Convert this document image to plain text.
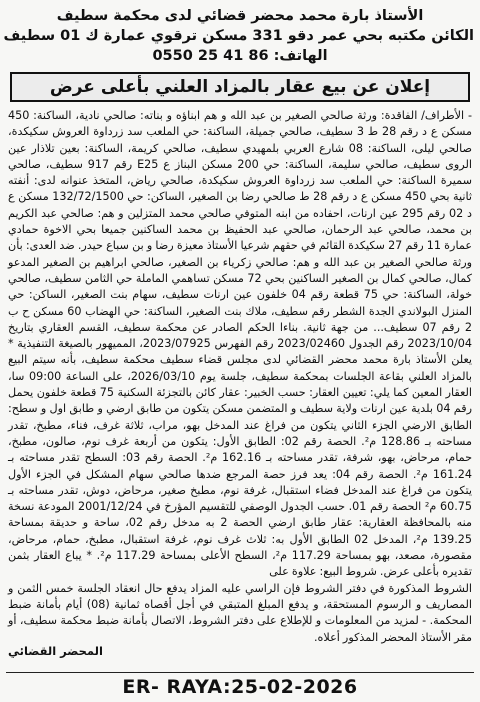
الأستاذ بارة محمد محضر قضائي لدى محكمة سطيف
الكائن مكتبه بحي عمر دقو 331 مسكن ترقوي عمارة ك 01 سطيف
الهاتف: 86 41 25 0550
إعلان عن بيع عقار بالمزاد العلني بأعلى عرض

- الأطراف/ الفاقدة: ورثة صالحي الصغير بن عبد الله و هم ابناؤه و بناته: صالحي نادية، الساكنة: 450 مسكن ع د رقم 28 ط 3 سطيف، صالحي جميلة، الساكنة: حي الملعب سد زرداوة العروش سكيكدة، صالحي ليلى، الساكنة: 08 شارع العربي بلمهيدي سطيف، صالحي كريمة، الساكنة: بعين تلاذار عين الروى سطيف، صالحي سليمة، الساكنة: حي 200 مسكن البناز ع E25 رقم 917 سطيف، صالحي سميرة الساكنة: حي الملعب سد زرداوة العروش سكيكدة، صالحي رياض، المتخذ عنوانه لدى: أنفته ثانية بحي 450 مسكن ع د رقم 28 ط صالحي رضا بن الصغير، الساكن: حي 132/72/1500 مسكن ع د 02 رقم 295 عين ارنات، احفاده من ابنه المتوفي صالحي محمد المتزلين و هم: صالحي عبد الكريم بن محمد، صالحي عبد الرحمان، صالحي عبد الحفيظ بن محمد الساكنين جميعا بحي الاخوة حمادي عمارة 11 رقم 27 سكيكدة القائم في حقهم شرعيا الأستاذ معيزة رضا و بن سباع حيدر. ضد العدى: بأن ورثة صالحي الصغير بن عبد الله و هم: صالحي زكرياء بن الصغير، صالحي ابراهيم بن الصغير المدعو كمال، صالحي كمال بن الصغير الساكنين بحي 72 مسكن تساهمي الماملة حي الثامن سطيف، صالحي خولة، الساكنة: حي 75 قطعة رقم 04 خلفون عين ارنات سطيف، سهام بنت الصغير، الساكن: حي المنزل البولاندي الجدة الشطر رقم سطيف، ملاك بنت الصغير، الساكنة: حي الهضاب 60 مسكن ح ب 2 رقم 07 سطيف... من جهة ثانية. بناءا الحكم الصادر عن محكمة سطيف، القسم العقاري بتاريخ 2023/10/04 رقم الجدول 2023/02460 رقم الفهرس 2023/07925، المميهور بالصيغة التنفيذية * يعلن الأستاذ بارة محمد محضر القضائي لدى مجلس قضاء سطيف محكمة سطيف، بأنه سيتم البيع بالمزاد العلني بقاعة الجلسات بمحكمة سطيف، جلسة يوم 2026/03/10، على الساعة 09:00 سا، العقار المعين كما يلي: تعيين العقار: حسب الخبير: عقار كائن بالتجزئة السكنية 75 قطعة خلفون يحمل رقم 04 بلدية عين ارنات ولاية سطيف و المتضمن مسكن يتكون من طابق ارضي و طابق اول و سطح: الطابق الارضي الجزء الثاني يتكون من فراغ عند المدخل بهو، مراب، ثلاثة غرف، فناء، مطبخ، تقدر مساحته بـ 128.86 م². الحصة رقم 02: الطابق الأول: يتكون من أربعة غرف نوم، صالون، مطبخ، حمام، مرحاض، بهو، شرفة، تقدر مساحته بـ 162.16 م². الحصة رقم 03: السطح تقدر مساحته بـ 161.24 م². الحصة رقم 04: يعد فرز حصة المرجع ضدها صالحي سهام المشكل في الجزء الأول يتكون من فراغ عند المدخل فضاء استقبال، غرفة نوم، مطبخ صغير، مرحاض، دوش، تقدر مساحته بـ 60.75 م² الحصة رقم 01. حسب الجدول الوصفي للتقسيم المؤرخ في 2001/12/24 المودعة نسخة منه بالمحافظة العقارية: عقار طابق ارضي الحصة 2 به مدخل رقم 02، ساحة و حديقة بمساحة 139.25 م²، المدخل 02 الطابق الأول به: ثلاث غرف نوم، غرفة استقبال، مطبخ، حمام، مرحاض، مقصورة، مصعد، بهو بمساحة 117.29 م²، السطح الأعلى بمساحة 117.29 م². * يباع العقار بثمن تقديره بأعلى عرض. شروط البيع: علاوة على

الشروط المذكورة في دفتر الشروط فإن الراسي عليه المزاد يدفع حال انعقاد الجلسة خمس الثمن و المصاريف و الرسوم المستحقة، و يدفع المبلغ المتبقي في أجل أقصاه ثمانية (08) أيام بأمانة ضبط المحكمة. - لمزيد من المعلومات و للإطلاع على دفتر الشروط، الاتصال بأمانة ضبط محكمة سطيف، أو مقر الأستاذ المحضر المذكور أعلاه.

المحضر القضائي
ER- RAYA:25-02-2026
